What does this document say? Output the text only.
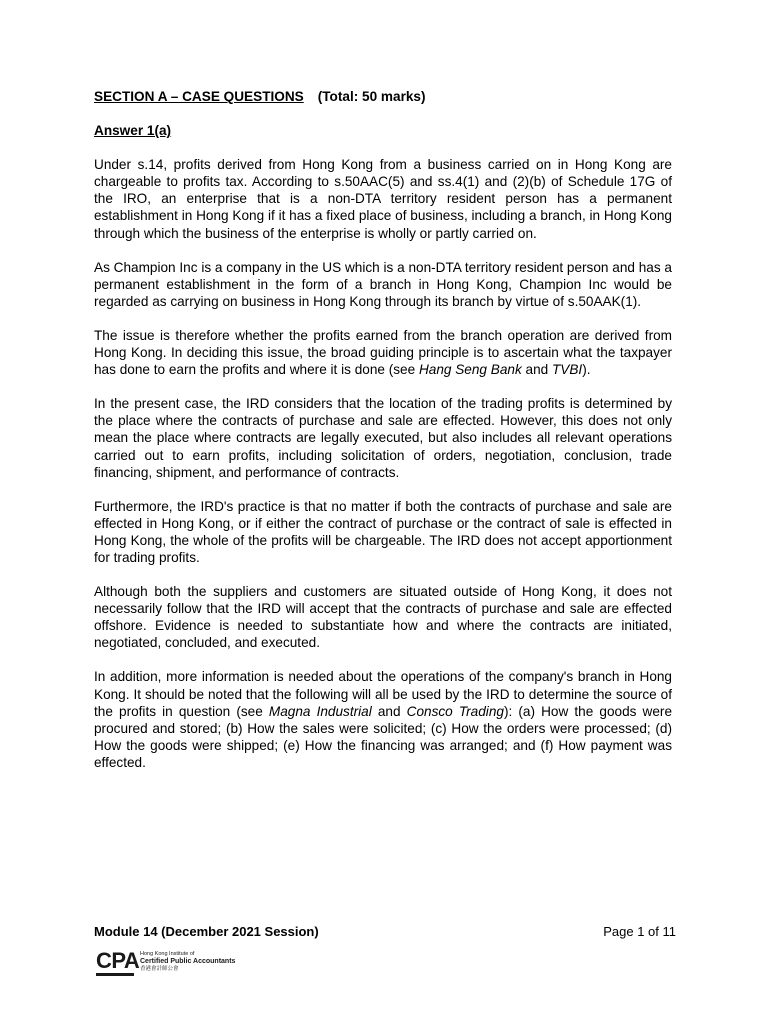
SECTION A – CASE QUESTIONS (Total: 50 marks)
Answer 1(a)

Under s.14, profits derived from Hong Kong from a business carried on in Hong Kong are chargeable to profits tax. According to s.50AAC(5) and ss.4(1) and (2)(b) of Schedule 17G of the IRO, an enterprise that is a non-DTA territory resident person has a permanent establishment in Hong Kong if it has a fixed place of business, including a branch, in Hong Kong through which the business of the enterprise is wholly or partly carried on.

As Champion Inc is a company in the US which is a non-DTA territory resident person and has a permanent establishment in the form of a branch in Hong Kong, Champion Inc would be regarded as carrying on business in Hong Kong through its branch by virtue of s.50AAK(1).

The issue is therefore whether the profits earned from the branch operation are derived from Hong Kong. In deciding this issue, the broad guiding principle is to ascertain what the taxpayer has done to earn the profits and where it is done (see Hang Seng Bank and TVBI).

In the present case, the IRD considers that the location of the trading profits is determined by the place where the contracts of purchase and sale are effected. However, this does not only mean the place where contracts are legally executed, but also includes all relevant operations carried out to earn profits, including solicitation of orders, negotiation, conclusion, trade financing, shipment, and performance of contracts.

Furthermore, the IRD's practice is that no matter if both the contracts of purchase and sale are effected in Hong Kong, or if either the contract of purchase or the contract of sale is effected in Hong Kong, the whole of the profits will be chargeable. The IRD does not accept apportionment for trading profits.

Although both the suppliers and customers are situated outside of Hong Kong, it does not necessarily follow that the IRD will accept that the contracts of purchase and sale are effected offshore. Evidence is needed to substantiate how and where the contracts are initiated, negotiated, concluded, and executed.

In addition, more information is needed about the operations of the company's branch in Hong Kong. It should be noted that the following will all be used by the IRD to determine the source of the profits in question (see Magna Industrial and Consco Trading): (a) How the goods were procured and stored; (b) How the sales were solicited; (c) How the orders were processed; (d) How the goods were shipped; (e) How the financing was arranged; and (f) How payment was effected.

Module 14 (December 2021 Session)	Page 1 of 11
CPA Hong Kong Institute of
Certified Public Accountants
香港會計師公會
